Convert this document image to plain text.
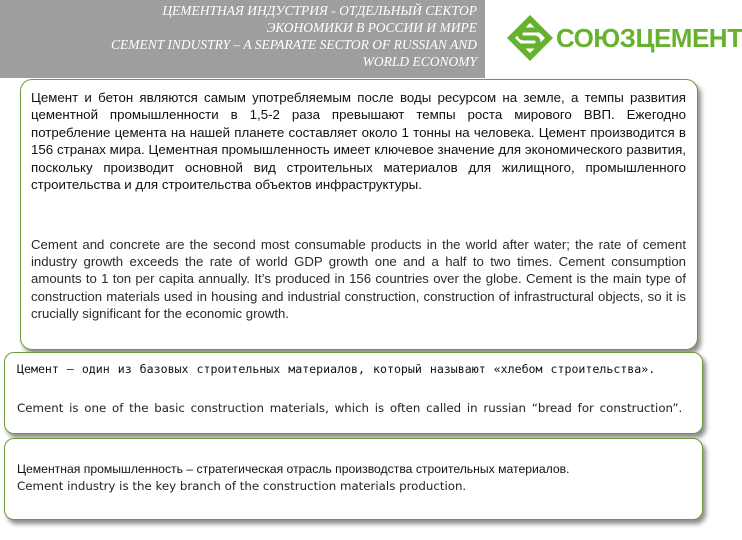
ЦЕМЕНТНАЯ ИНДУСТРИЯ - ОТДЕЛЬНЫЙ СЕКТОР
ЭКОНОМИКИ В РОССИИ И МИРЕ
CEMENT INDUSTRY – A SEPARATE SECTOR OF RUSSIAN AND
WORLD ECONOMY
СОЮЗЦЕМЕНТ

Цемент и бетон являются самым употребляемым после воды ресурсом на земле, а темпы развития цементной промышленности в 1,5-2 раза превышают темпы роста мирового ВВП. Ежегодно потребление цемента на нашей планете составляет около 1 тонны на человека. Цемент производится в 156 странах мира. Цементная промышленность имеет ключевое значение для экономического развития, поскольку производит основной вид строительных материалов для жилищного, промышленного строительства и для строительства объектов инфраструктуры.

Cement and concrete are the second most consumable products in the world after water; the rate of cement industry growth exceeds the rate of world GDP growth one and a half to two times. Cement consumption amounts to 1 ton per capita annually. It’s produced in 156 countries over the globe. Cement is the main type of construction materials used in housing and industrial construction, construction of infrastructural objects, so it is crucially significant for the economic growth.

Цемент – один из базовых строительных материалов, который называют «хлебом строительства».

Cement is one of the basic construction materials, which is often called in russian “bread for construction”.

Цементная промышленность – стратегическая отрасль производства строительных материалов.

Cement industry is the key branch of the construction materials production.
